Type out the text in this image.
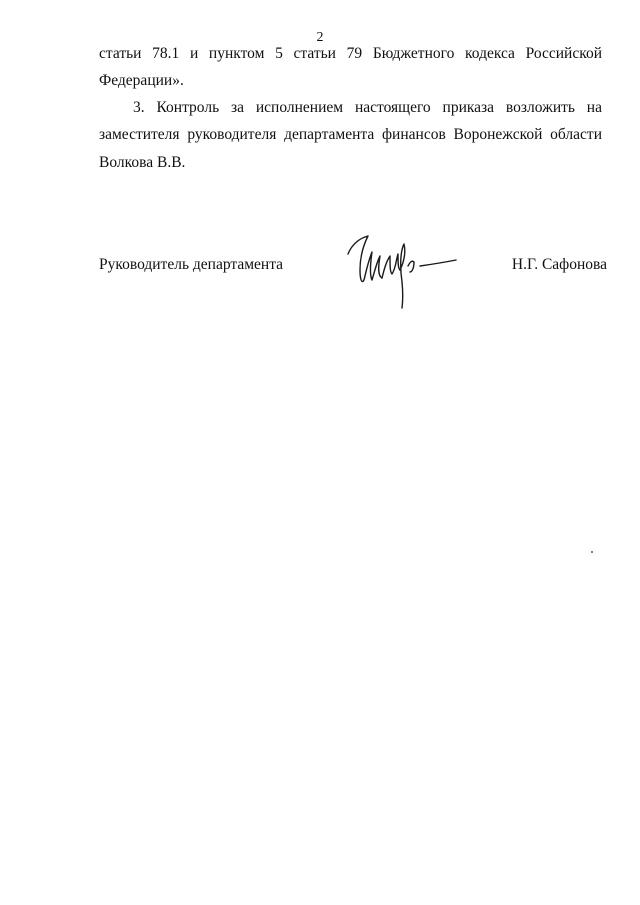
2
статьи 78.1 и пунктом 5 статьи 79 Бюджетного кодекса Российской
Федерации».
3. Контроль за исполнением настоящего приказа возложить на
заместителя руководителя департамента финансов Воронежской области
Волкова В.В.
Руководитель департамента	Н.Г. Сафонова
